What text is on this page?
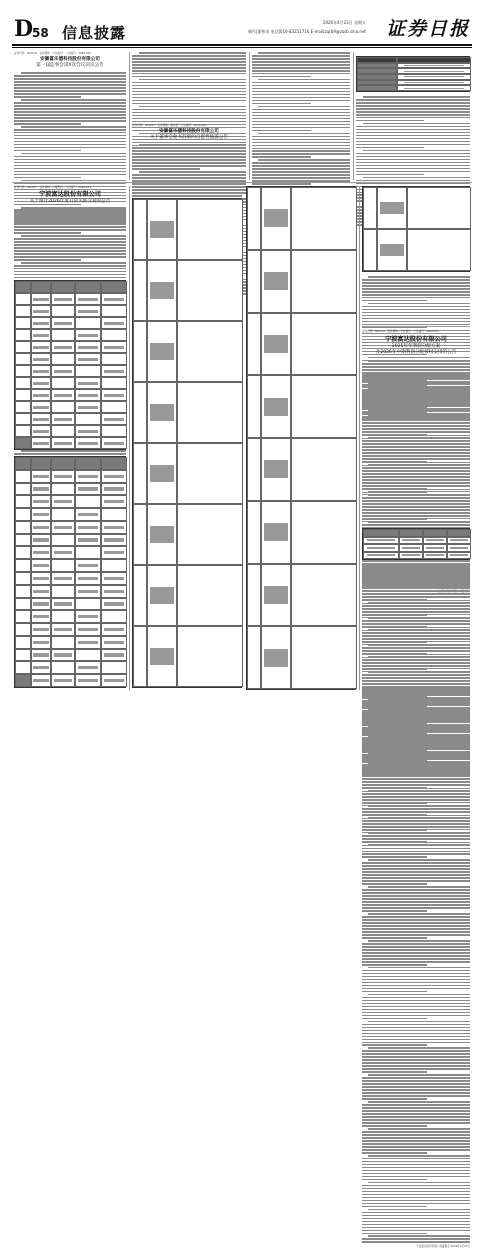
D
58 信息披露
2026年4月23日 星期五
制作|董寒冰 电话|010-83251716 E-mail|zqrb9@zqrb.sina.net 证券日报
证券代码：603100　证券简称：川仪股份　公告编号：2026-044
安徽富乐德科技股份有限公司
第一届监事会第X次会议决议公告
证券代码：301297　证券简称：富乐德　公告编号：2026-025
安徽富乐德科技股份有限公司
关于董事会秘书辞职的自愿性披露公告
证券代码：002937　证券简称：兴瑞科技　公告编号：2026-031
宁波富达股份有限公司
关于预计2026年度日常关联交易的公告
证券代码：600724　证券简称：宁波富达　公告编号：2026-017
宁波富达股份有限公司
2025年年利润分配方案
及2026年中期利润分配授权安排的公告
宁波富达股份有限公司董事会 2026年4月23日
